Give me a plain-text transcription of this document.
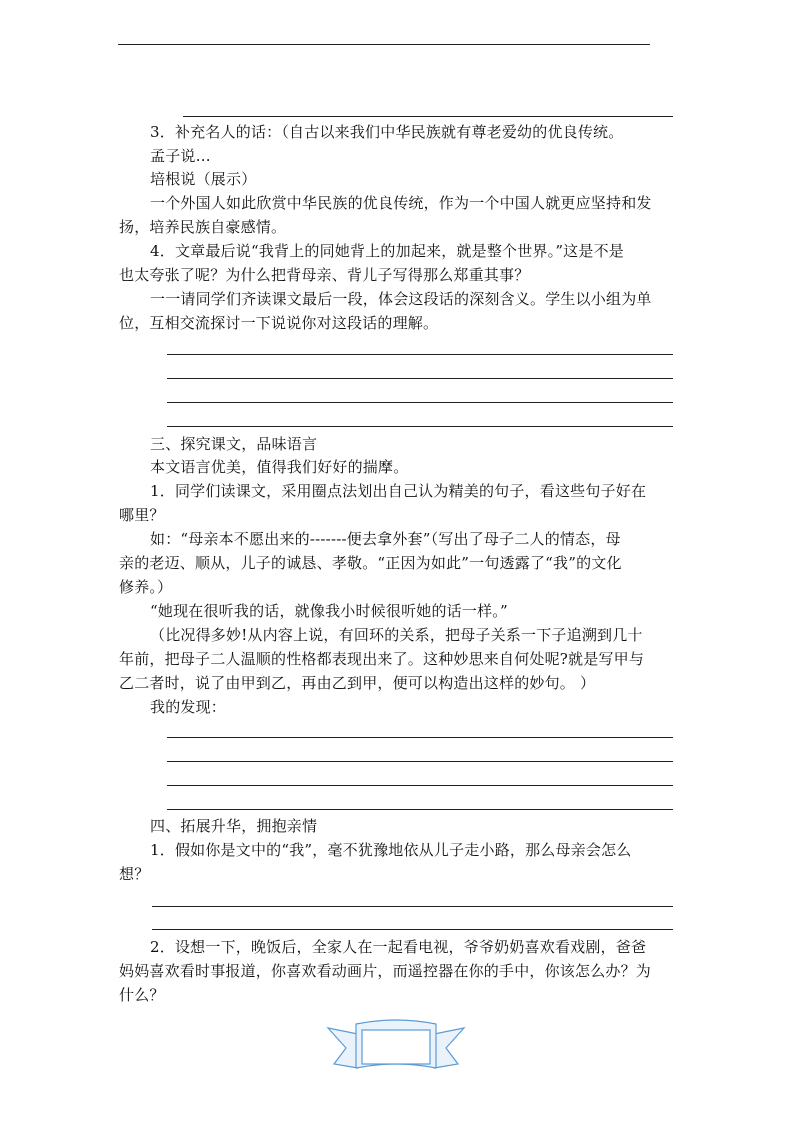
3．补充名人的话：（自古以来我们中华民族就有尊老爱幼的优良传统。
孟子说…
培根说（展示）
一个外国人如此欣赏中华民族的优良传统，作为一个中国人就更应坚持和发
扬，培养民族自豪感情。
4．文章最后说“我背上的同她背上的加起来，就是整个世界。”这是不是
也太夸张了呢？为什么把背母亲、背儿子写得那么郑重其事？
一一请同学们齐读课文最后一段，体会这段话的深刻含义。学生以小组为单
位，互相交流探讨一下说说你对这段话的理解。
三、探究课文，品味语言
本文语言优美，值得我们好好的揣摩。
1．同学们读课文，采用圈点法划出自己认为精美的句子，看这些句子好在
哪里？
如：“母亲本不愿出来的-------便去拿外套”（写出了母子二人的情态，母
亲的老迈、顺从，儿子的诚恳、孝敬。“正因为如此”一句透露了“我”的文化
修养。）
“她现在很听我的话，就像我小时候很听她的话一样。”
（比况得多妙!从内容上说，有回环的关系，把母子关系一下子追溯到几十
年前，把母子二人温顺的性格都表现出来了。这种妙思来自何处呢?就是写甲与
乙二者时，说了由甲到乙，再由乙到甲，便可以构造出这样的妙句。 ）
我的发现：
四、拓展升华，拥抱亲情
1．假如你是文中的“我”，毫不犹豫地依从儿子走小路，那么母亲会怎么
想？
2．设想一下，晚饭后，全家人在一起看电视，爷爷奶奶喜欢看戏剧，爸爸
妈妈喜欢看时事报道，你喜欢看动画片，而遥控器在你的手中，你该怎么办？为
什么？
